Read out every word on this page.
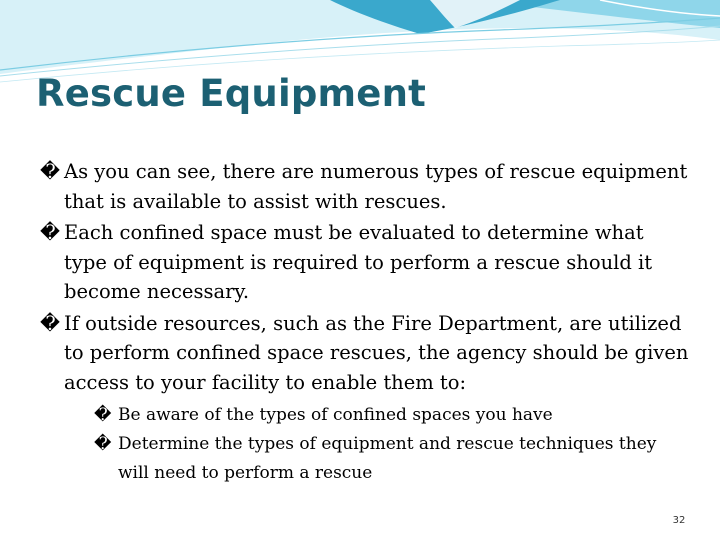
Rescue Equipment
� As you can see, there are numerous types of rescue equipment that is available to assist with rescues.
� Each confined space must be evaluated to determine what type of equipment is required to perform a rescue should it become necessary.
� If outside resources, such as the Fire Department, are utilized to perform confined space rescues, the agency should be given access to your facility to enable them to:
� Be aware of the types of confined spaces you have
� Determine the types of equipment and rescue techniques they will need to perform a rescue
32
